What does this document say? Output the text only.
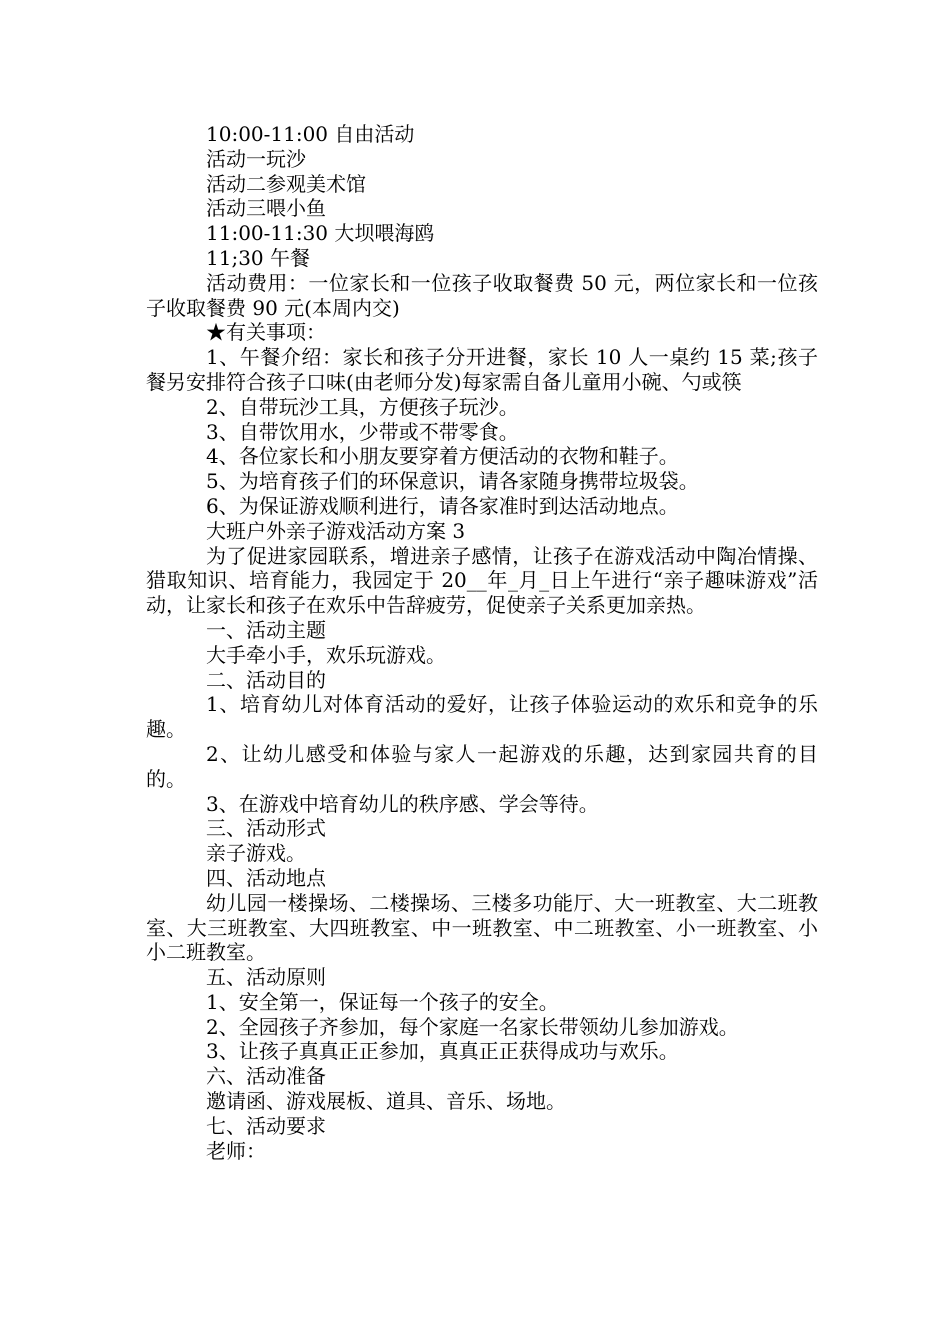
10:00-11:00 自由活动

活动一玩沙

活动二参观美术馆

活动三喂小鱼

11:00-11:30 大坝喂海鸥

11;30 午餐

活动费用：一位家长和一位孩子收取餐费 50 元，两位家长和一位孩子收取餐费 90 元(本周内交)

★有关事项：

1、午餐介绍：家长和孩子分开进餐，家长 10 人一桌约 15 菜;孩子餐另安排符合孩子口味(由老师分发)每家需自备儿童用小碗、勺或筷

2、自带玩沙工具，方便孩子玩沙。

3、自带饮用水，少带或不带零食。

4、各位家长和小朋友要穿着方便活动的衣物和鞋子。

5、为培育孩子们的环保意识，请各家随身携带垃圾袋。

6、为保证游戏顺利进行，请各家准时到达活动地点。

大班户外亲子游戏活动方案 3

为了促进家园联系，增进亲子感情，让孩子在游戏活动中陶冶情操、猎取知识、培育能力，我园定于 20__年_月_日上午进行“亲子趣味游戏”活动，让家长和孩子在欢乐中告辞疲劳，促使亲子关系更加亲热。

一、活动主题

大手牵小手，欢乐玩游戏。

二、活动目的

1、培育幼儿对体育活动的爱好，让孩子体验运动的欢乐和竞争的乐趣。

2、让幼儿感受和体验与家人一起游戏的乐趣，达到家园共育的目的。

3、在游戏中培育幼儿的秩序感、学会等待。

三、活动形式

亲子游戏。

四、活动地点

幼儿园一楼操场、二楼操场、三楼多功能厅、大一班教室、大二班教室、大三班教室、大四班教室、中一班教室、中二班教室、小一班教室、小小二班教室。

五、活动原则

1、安全第一，保证每一个孩子的安全。

2、全园孩子齐参加，每个家庭一名家长带领幼儿参加游戏。

3、让孩子真真正正参加，真真正正获得成功与欢乐。

六、活动准备

邀请函、游戏展板、道具、音乐、场地。

七、活动要求

老师：
